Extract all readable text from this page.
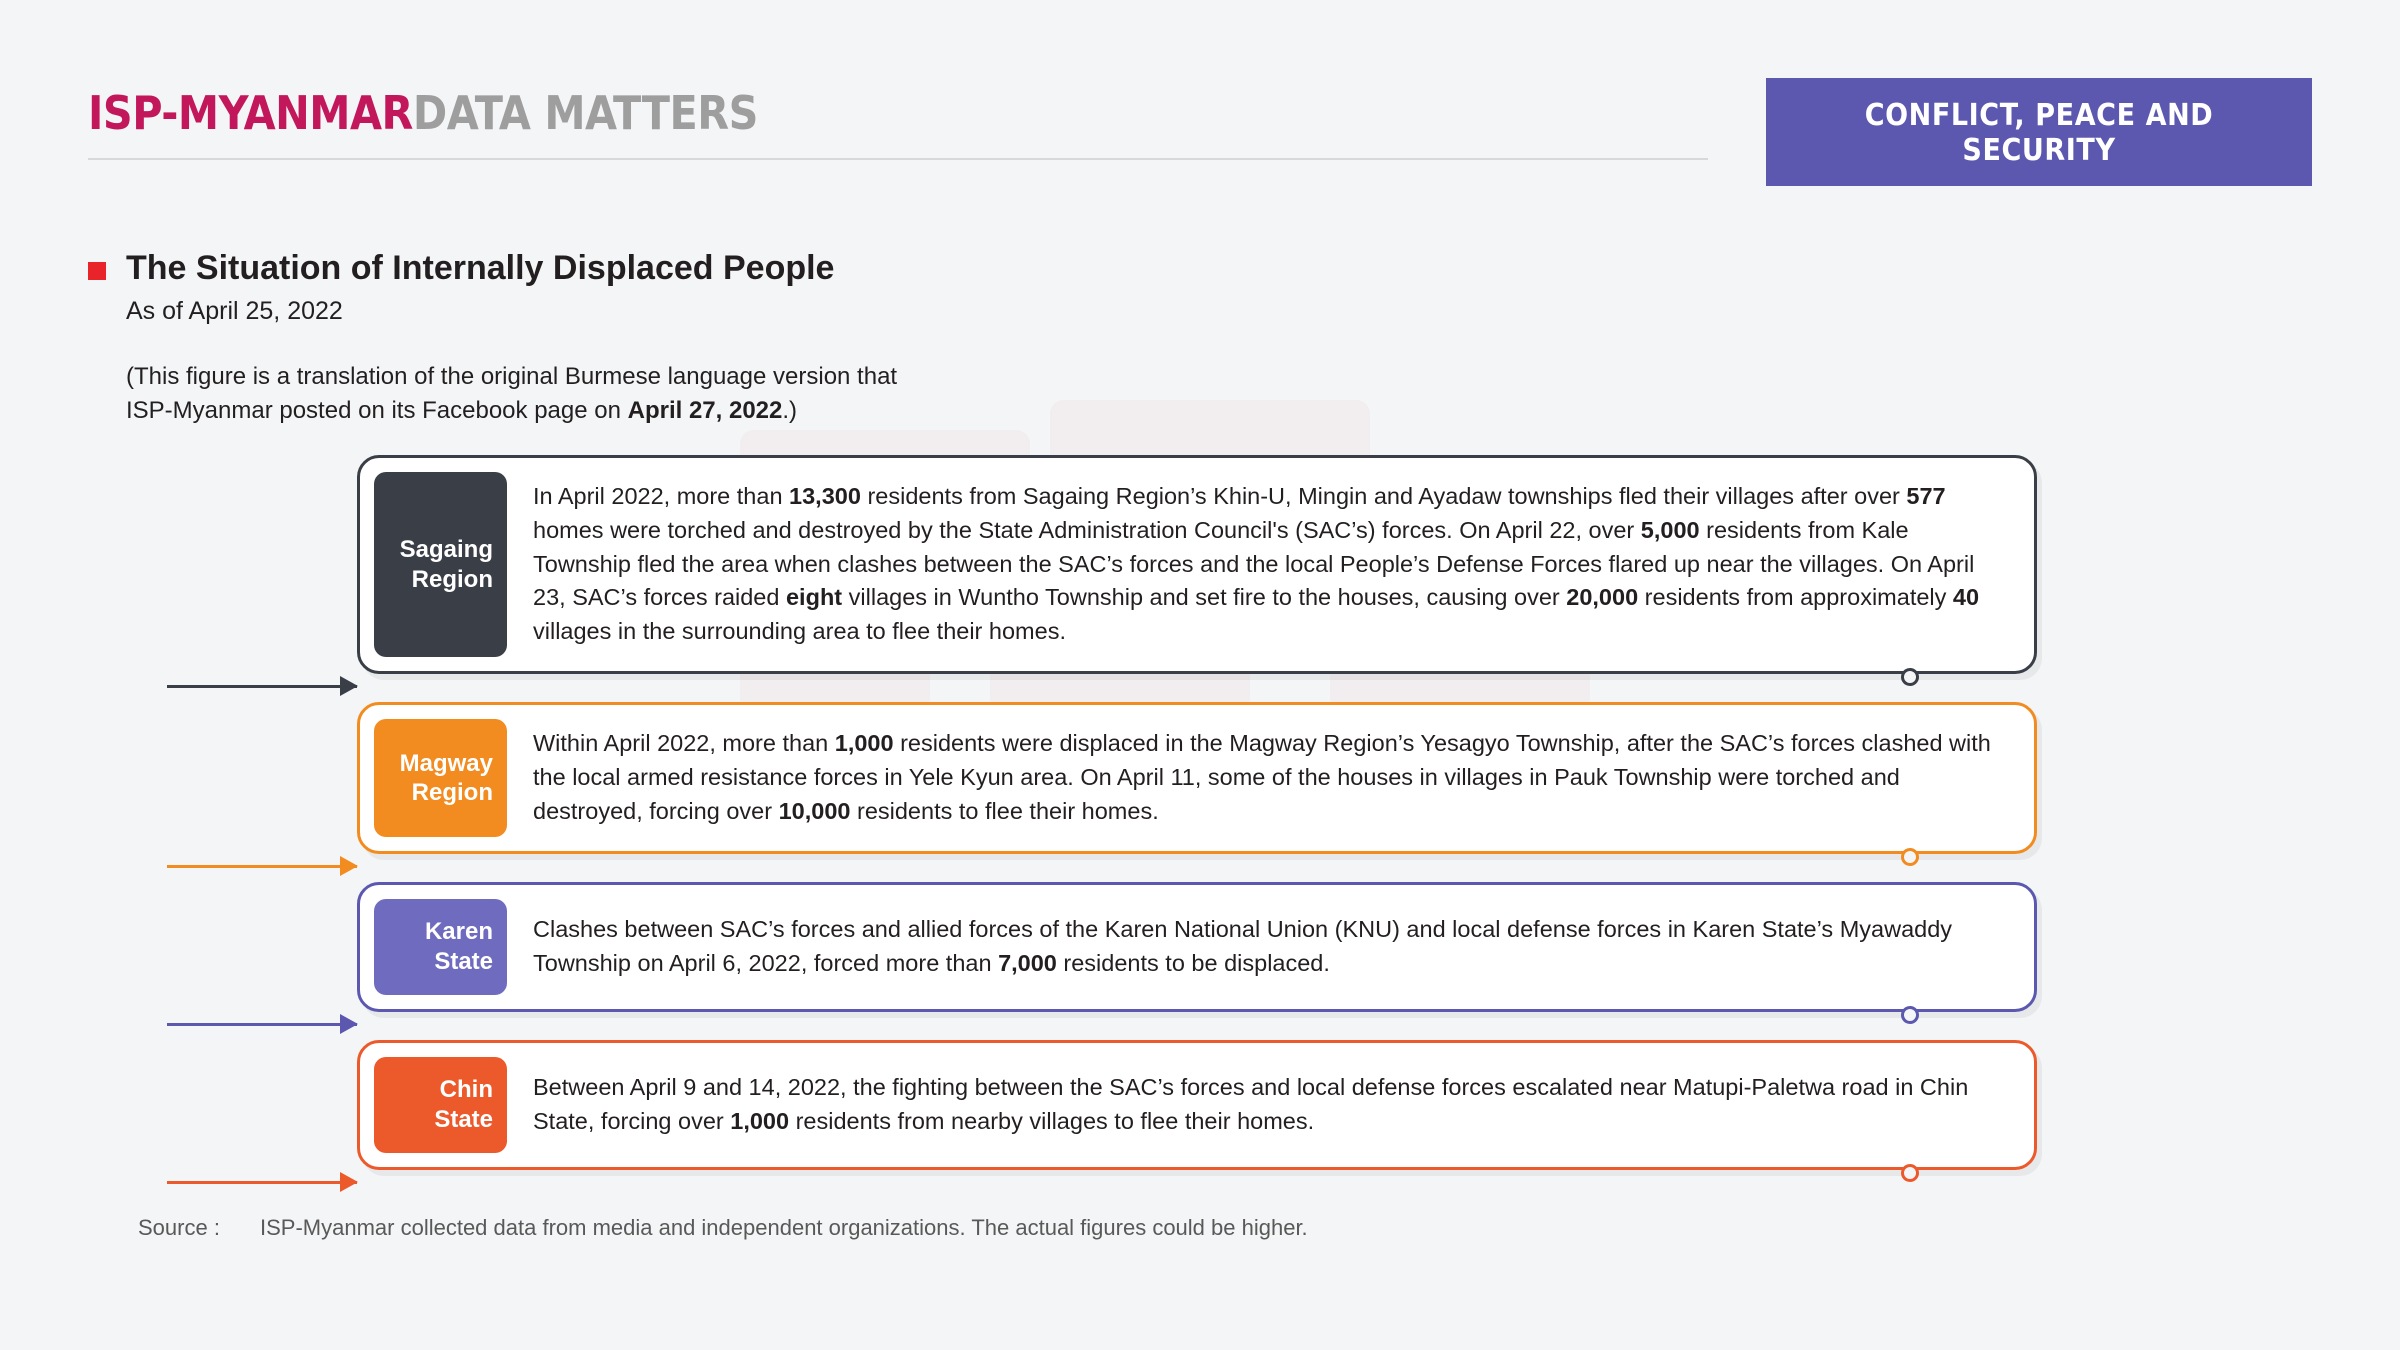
ISP-MYANMARDATA MATTERS	CONFLICT, PEACE AND SECURITY
The Situation of Internally Displaced People
As of April 25, 2022
(This figure is a translation of the original Burmese language version that
ISP-Myanmar posted on its Facebook page on April 27, 2022.)
Sagaing
Region
In April 2022, more than 13,300 residents from Sagaing Region’s Khin-U, Mingin and Ayadaw townships fled their villages after over 577 homes were torched and destroyed by the State Administration Council's (SAC’s) forces. On April 22, over 5,000 residents from Kale Township fled the area when clashes between the SAC’s forces and the local People’s Defense Forces flared up near the villages. On April 23, SAC’s forces raided eight villages in Wuntho Township and set fire to the houses, causing over 20,000 residents from approximately 40 villages in the surrounding area to flee their homes.
Magway
Region
Within April 2022, more than 1,000 residents were displaced in the Magway Region’s Yesagyo Township, after the SAC’s forces clashed with the local armed resistance forces in Yele Kyun area. On April 11, some of the houses in villages in Pauk Township were torched and destroyed, forcing over 10,000 residents to flee their homes.
Karen
State
Clashes between SAC’s forces and allied forces of the Karen National Union (KNU) and local defense forces in Karen State’s Myawaddy Township on April 6, 2022, forced more than 7,000 residents to be displaced.
Chin
State
Between April 9 and 14, 2022, the fighting between the SAC’s forces and local defense forces escalated near Matupi-Paletwa road in Chin State, forcing over 1,000 residents from nearby villages to flee their homes.
Source : ISP-Myanmar collected data from media and independent organizations. The actual figures could be higher.
